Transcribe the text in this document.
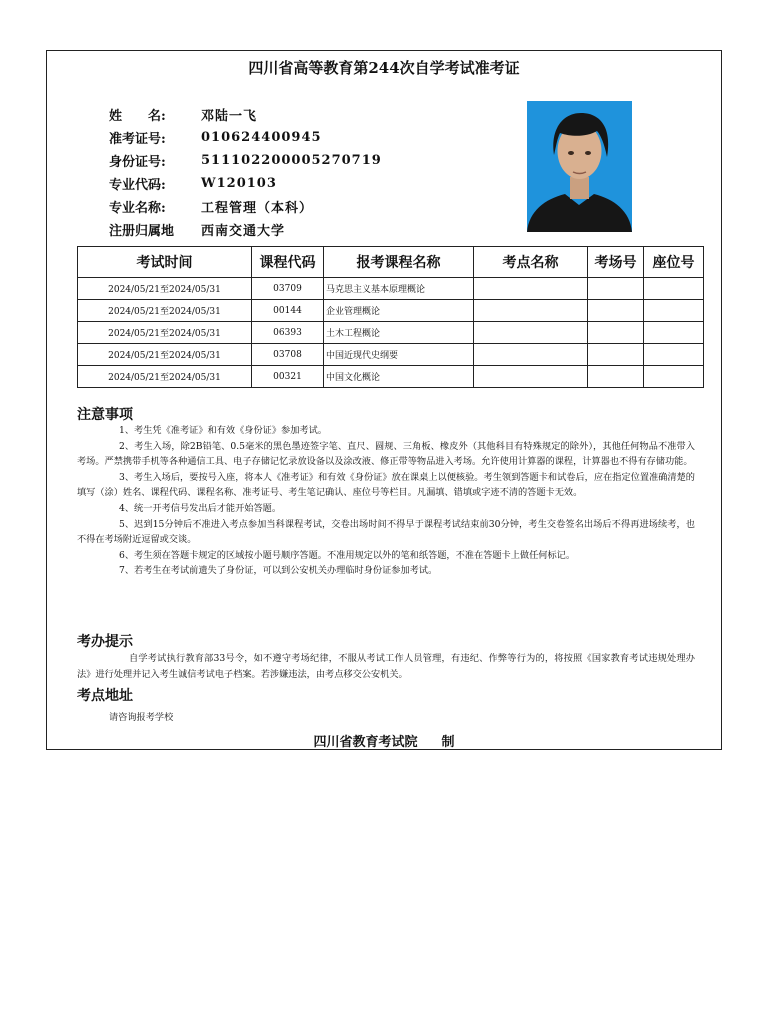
四川省高等教育第244次自学考试准考证
姓　　名:	邓陆一飞
准考证号:	010624400945
身份证号:	511102200005270719
专业代码:	W120103
专业名称:	工程管理（本科）
注册归属地	西南交通大学
考试时间	课程代码	报考课程名称	考点名称	考场号	座位号
2024/05/21至2024/05/31	03709	马克思主义基本原理概论			
2024/05/21至2024/05/31	00144	企业管理概论			
2024/05/21至2024/05/31	06393	土木工程概论			
2024/05/21至2024/05/31	03708	中国近现代史纲要			
2024/05/21至2024/05/31	00321	中国文化概论			
注意事项

1、考生凭《准考证》和有效《身份证》参加考试。

2、考生入场，除2B铅笔、0.5毫米的黑色墨迹签字笔、直尺、圆规、三角板、橡皮外（其他科目有特殊规定的除外），其他任何物品不准带入考场。严禁携带手机等各种通信工具、电子存储记忆录放设备以及涂改液、修正带等物品进入考场。允许使用计算器的课程，计算器也不得有存储功能。

3、考生入场后，要按号入座，将本人《准考证》和有效《身份证》放在课桌上以便核验。考生领到答题卡和试卷后，应在指定位置准确清楚的填写（涂）姓名、课程代码、课程名称、准考证号、考生笔记确认、座位号等栏目。凡漏填、错填或字迹不清的答题卡无效。

4、统一开考信号发出后才能开始答题。

5、迟到15分钟后不准进入考点参加当科课程考试，交卷出场时间不得早于课程考试结束前30分钟，考生交卷签名出场后不得再进场续考，也不得在考场附近逗留或交谈。

6、考生须在答题卡规定的区域按小题号顺序答题。不准用规定以外的笔和纸答题，不准在答题卡上做任何标记。

7、若考生在考试前遗失了身份证，可以到公安机关办理临时身份证参加考试。

考办提示

自学考试执行教育部33号令，如不遵守考场纪律，不服从考试工作人员管理，有违纪、作弊等行为的，将按照《国家教育考试违规处理办法》进行处理并记入考生诚信考试电子档案。若涉嫌违法，由考点移交公安机关。

考点地址
请咨询报考学校
四川省教育考试院 制
